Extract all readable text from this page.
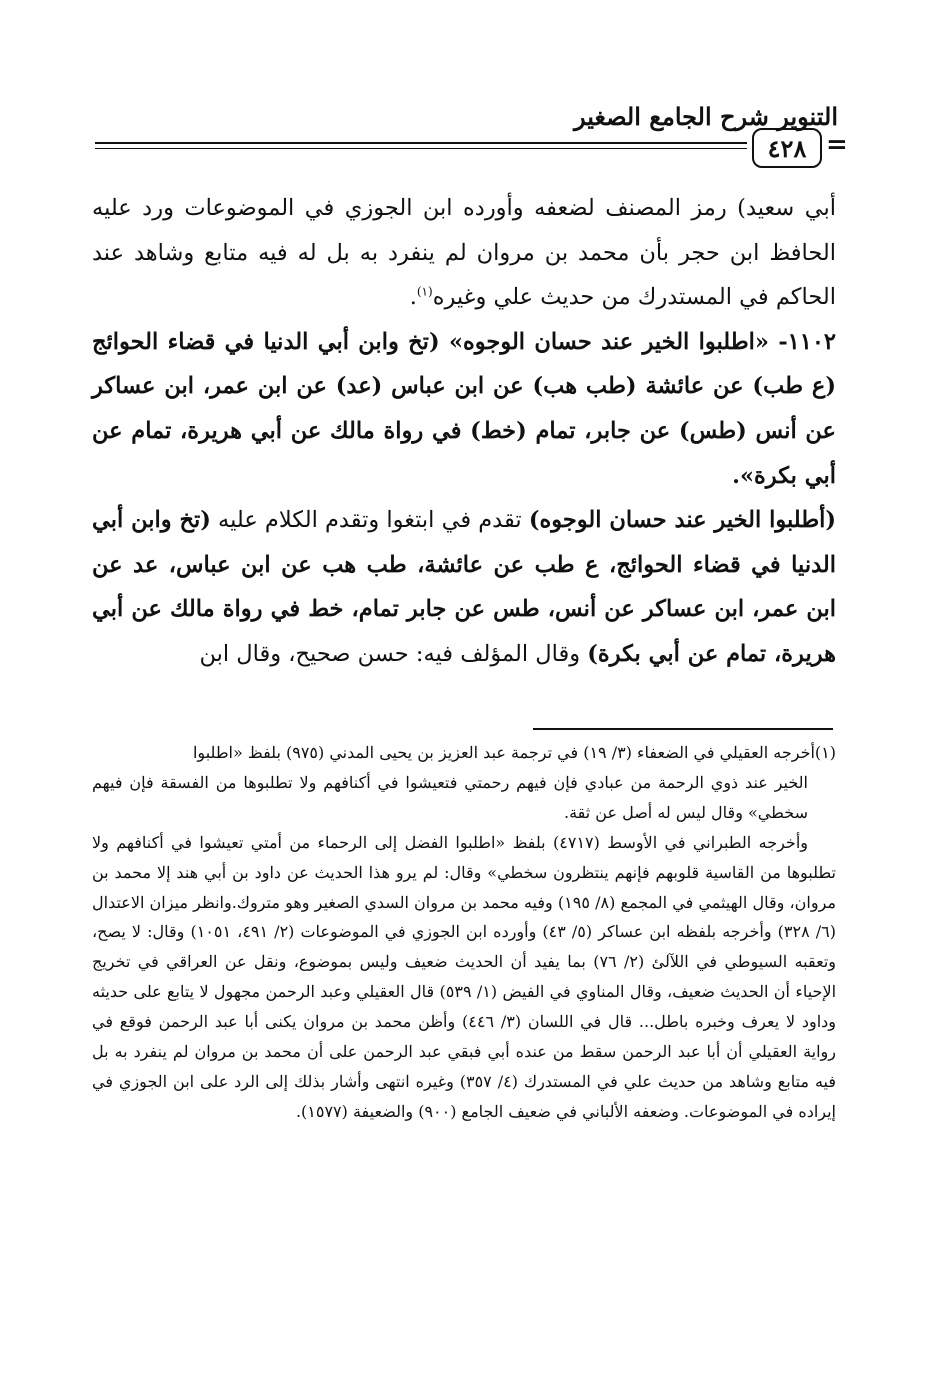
التنوير شرح الجامع الصغير
٤٢٨ =

أبي سعيد) رمز المصنف لضعفه وأورده ابن الجوزي في الموضوعات ورد عليه الحافظ ابن حجر بأن محمد بن مروان لم ينفرد به بل له فيه متابع وشاهد عند الحاكم في المستدرك من حديث علي وغيره$^{(١)}$.

١١٠٢- «اطلبوا الخير عند حسان الوجوه» (تخ وابن أبي الدنيا في قضاء الحوائج (ع طب) عن عائشة (طب هب) عن ابن عباس (عد) عن ابن عمر، ابن عساكر عن أنس (طس) عن جابر، تمام (خط) في رواة مالك عن أبي هريرة، تمام عن أبي بكرة».

(أطلبوا الخير عند حسان الوجوه) تقدم في ابتغوا وتقدم الكلام عليه (تخ وابن أبي الدنيا في قضاء الحوائج، ع طب عن عائشة، طب هب عن ابن عباس، عد عن ابن عمر، ابن عساكر عن أنس، طس عن جابر تمام، خط في رواة مالك عن أبي هريرة، تمام عن أبي بكرة) وقال المؤلف فيه: حسن صحيح، وقال ابن

(١)أخرجه العقيلي في الضعفاء (٣/ ١٩) في ترجمة عبد العزيز بن يحيى المدني (٩٧٥) بلفظ «اطلبوا

الخير عند ذوي الرحمة من عبادي فإن فيهم رحمتي فتعيشوا في أكنافهم ولا تطلبوها من الفسقة فإن فيهم سخطي» وقال ليس له أصل عن ثقة.

وأخرجه الطبراني في الأوسط (٤٧١٧) بلفظ «اطلبوا الفضل إلى الرحماء من أمتي تعيشوا في أكنافهم ولا تطلبوها من القاسية قلوبهم فإنهم ينتظرون سخطي» وقال: لم يرو هذا الحديث عن داود بن أبي هند إلا محمد بن مروان، وقال الهيثمي في المجمع (٨/ ١٩٥) وفيه محمد بن مروان السدي الصغير وهو متروك.وانظر ميزان الاعتدال (٦/ ٣٢٨) وأخرجه بلفظه ابن عساكر (٥/ ٤٣) وأورده ابن الجوزي في الموضوعات (٢/ ٤٩١، ١٠٥١) وقال: لا يصح، وتعقبه السيوطي في اللآلئ (٢/ ٧٦) بما يفيد أن الحديث ضعيف وليس بموضوع، ونقل عن العراقي في تخريج الإحياء أن الحديث ضعيف، وقال المناوي في الفيض (١/ ٥٣٩) قال العقيلي وعبد الرحمن مجهول لا يتابع على حديثه وداود لا يعرف وخبره باطل... قال في اللسان (٣/ ٤٤٦) وأظن محمد بن مروان يكنى أبا عبد الرحمن فوقع في رواية العقيلي أن أبا عبد الرحمن سقط من عنده أبي فبقي عبد الرحمن على أن محمد بن مروان لم ينفرد به بل فيه متابع وشاهد من حديث علي في المستدرك (٤/ ٣٥٧) وغيره انتهى وأشار بذلك إلى الرد على ابن الجوزي في إيراده في الموضوعات. وضعفه الألباني في ضعيف الجامع (٩٠٠) والضعيفة (١٥٧٧).
